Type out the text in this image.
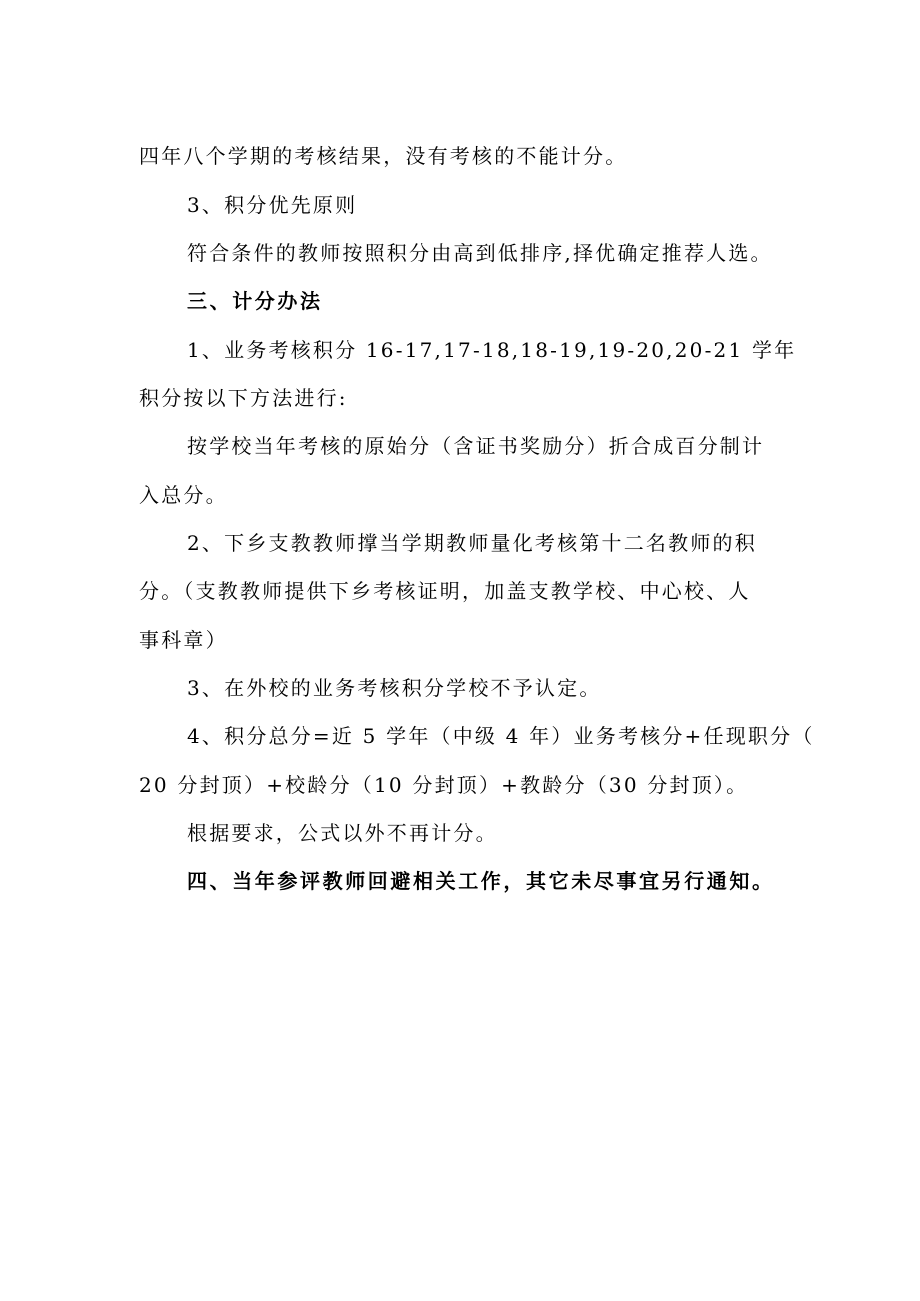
四年八个学期的考核结果，没有考核的不能计分。
3、积分优先原则
符合条件的教师按照积分由高到低排序,择优确定推荐人选。
三、计分办法
1、业务考核积分 16-17,17-18,18-19,19-20,20-21 学年
积分按以下方法进行:
按学校当年考核的原始分（含证书奖励分）折合成百分制计
入总分。
2、下乡支教教师撑当学期教师量化考核第十二名教师的积
分。（支教教师提供下乡考核证明，加盖支教学校、中心校、人
事科章）
3、在外校的业务考核积分学校不予认定。
4、积分总分=近 5 学年（中级 4 年）业务考核分+任现职分（
20 分封顶）+校龄分（10 分封顶）+教龄分（30 分封顶）。
根据要求，公式以外不再计分。
四、当年参评教师回避相关工作，其它未尽事宜另行通知。
